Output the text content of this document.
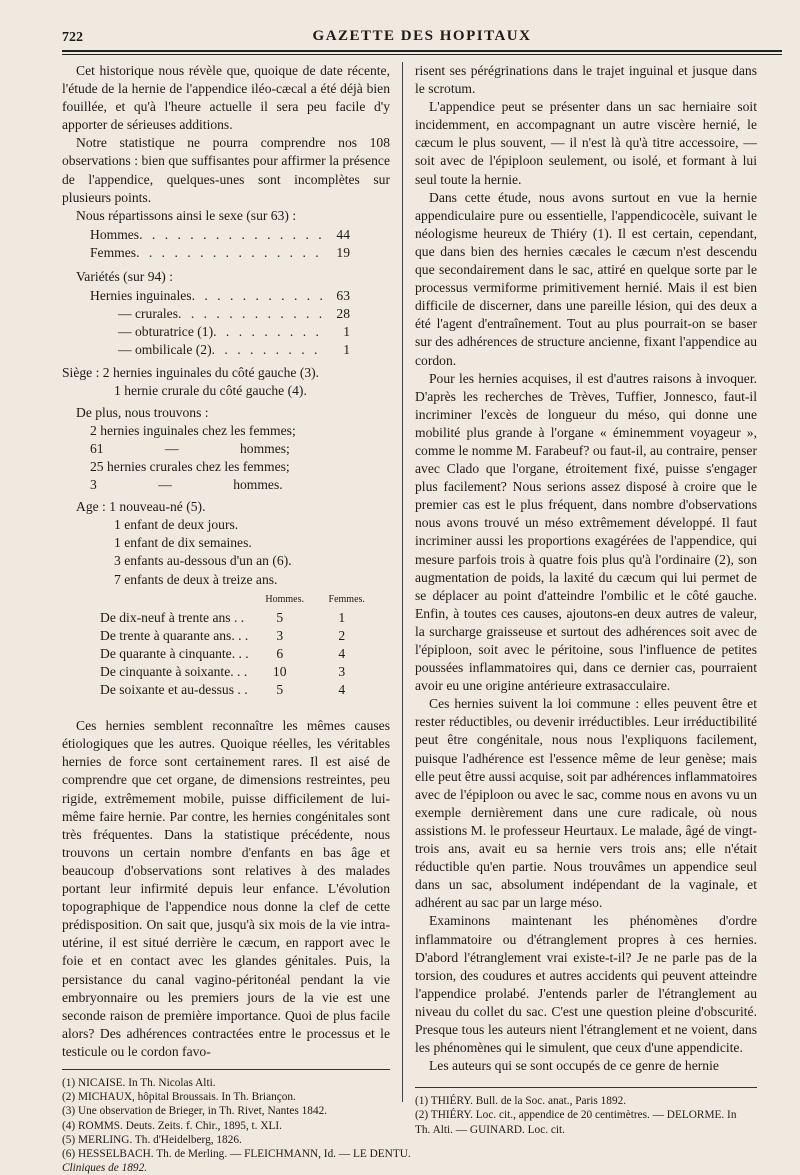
722	GAZETTE DES HOPITAUX

Cet historique nous révèle que, quoique de date récente, l'étude de la hernie de l'appendice iléo-cæcal a été déjà bien fouillée, et qu'à l'heure actuelle il sera peu facile d'y apporter de sérieuses additions.

Notre statistique ne pourra comprendre nos 108 observations : bien que suffisantes pour affirmer la présence de l'appendice, quelques-unes sont incomplètes sur plusieurs points.

Nous répartissons ainsi le sexe (sur 63) :

Hommes . . .	44
Femmes . . .	19

Variétés (sur 94) :

Hernies inguinales . . .	63
— crurales . . .	28
— obturatrice (1) . . .	1
— ombilicale (2) . . .	1

Siège : 2 hernies inguinales du côté gauche (3).

1 hernie crurale du côté gauche (4).

De plus, nous trouvons :

2 hernies inguinales chez les femmes;
61 — hommes;
25 hernies crurales chez les femmes;
3 — hommes.
Age : 1 nouveau-né (5).
1 enfant de deux jours.
1 enfant de dix semaines.
3 enfants au-dessous d'un an (6).
7 enfants de deux à treize ans.
	Hommes.	Femmes.
De dix-neuf à trente ans . .	5	1
De trente à quarante ans. . .	3	2
De quarante à cinquante. . .	6	4
De cinquante à soixante. . .	10	3
De soixante et au-dessus . .	5	4

Ces hernies semblent reconnaître les mêmes causes étiologiques que les autres. Quoique réelles, les véritables hernies de force sont certainement rares. Il est aisé de comprendre que cet organe, de dimensions restreintes, peu rigide, extrêmement mobile, puisse difficilement de lui-même faire hernie. Par contre, les hernies congénitales sont très fréquentes. Dans la statistique précédente, nous trouvons un certain nombre d'enfants en bas âge et beaucoup d'observations sont relatives à des malades portant leur infirmité depuis leur enfance. L'évolution topographique de l'appendice nous donne la clef de cette prédisposition. On sait que, jusqu'à six mois de la vie intra-utérine, il est situé derrière le cæcum, en rapport avec le foie et en contact avec les glandes génitales. Puis, la persistance du canal vagino-péritonéal pendant la vie embryonnaire ou les premiers jours de la vie est une seconde raison de première importance. Quoi de plus facile alors? Des adhérences contractées entre le processus et le testicule ou le cordon favo-

(1) NICAISE. In Th. Nicolas Alti.
(2) MICHAUX, hôpital Broussais. In Th. Briançon.
(3) Une observation de Brieger, in Th. Rivet, Nantes 1842.
(4) ROMMS. Deuts. Zeits. f. Chir., 1895, t. XLI.
(5) MERLING. Th. d'Heidelberg, 1826.
(6) HESSELBACH. Th. de Merling. — FLEICHMANN, Id. — LE DENTU.
Cliniques de 1892.

risent ses pérégrinations dans le trajet inguinal et jusque dans le scrotum.

L'appendice peut se présenter dans un sac herniaire soit incidemment, en accompagnant un autre viscère hernié, le cæcum le plus souvent, — il n'est là qu'à titre accessoire, — soit avec de l'épiploon seulement, ou isolé, et formant à lui seul toute la hernie.

Dans cette étude, nous avons surtout en vue la hernie appendiculaire pure ou essentielle, l'appendicocèle, suivant le néologisme heureux de Thiéry (1). Il est certain, cependant, que dans bien des hernies cæcales le cæcum n'est descendu que secondairement dans le sac, attiré en quelque sorte par le processus vermiforme primitivement hernié. Mais il est bien difficile de discerner, dans une pareille lésion, qui des deux a été l'agent d'entraînement. Tout au plus pourrait-on se baser sur des adhérences de structure ancienne, fixant l'appendice au cordon.

Pour les hernies acquises, il est d'autres raisons à invoquer. D'après les recherches de Trèves, Tuffier, Jonnesco, faut-il incriminer l'excès de longueur du méso, qui donne une mobilité plus grande à l'organe « éminemment voyageur », comme le nomme M. Farabeuf? ou faut-il, au contraire, penser avec Clado que l'organe, étroitement fixé, puisse s'engager plus facilement? Nous serions assez disposé à croire que le premier cas est le plus fréquent, dans nombre d'observations nous avons trouvé un méso extrêmement développé. Il faut incriminer aussi les proportions exagérées de l'appendice, qui mesure parfois trois à quatre fois plus qu'à l'ordinaire (2), son augmentation de poids, la laxité du cæcum qui lui permet de se déplacer au point d'atteindre l'ombilic et le côté gauche. Enfin, à toutes ces causes, ajoutons-en deux autres de valeur, la surcharge graisseuse et surtout des adhérences soit avec de l'épiploon, soit avec le péritoine, sous l'influence de petites poussées inflammatoires qui, dans ce dernier cas, pourraient avoir eu une origine antérieure extrasacculaire.

Ces hernies suivent la loi commune : elles peuvent être et rester réductibles, ou devenir irréductibles. Leur irréductibilité peut être congénitale, nous nous l'expliquons facilement, puisque l'adhérence est l'essence même de leur genèse; mais elle peut être aussi acquise, soit par adhérences inflammatoires avec de l'épiploon ou avec le sac, comme nous en avons vu un exemple dernièrement dans une cure radicale, où nous assistions M. le professeur Heurtaux. Le malade, âgé de vingt-trois ans, avait eu sa hernie vers trois ans; elle n'était réductible qu'en partie. Nous trouvâmes un appendice seul dans un sac, absolument indépendant de la vaginale, et adhérent au sac par un large méso.

Examinons maintenant les phénomènes d'ordre inflammatoire ou d'étranglement propres à ces hernies. D'abord l'étranglement vrai existe-t-il? Je ne parle pas de la torsion, des coudures et autres accidents qui peuvent atteindre l'appendice prolabé. J'entends parler de l'étranglement au niveau du collet du sac. C'est une question pleine d'obscurité. Presque tous les auteurs nient l'étranglement et ne voient, dans les phénomènes qui le simulent, que ceux d'une appendicite.

Les auteurs qui se sont occupés de ce genre de hernie

(1) THIÉRY. Bull. de la Soc. anat., Paris 1892.
(2) THIÉRY. Loc. cit., appendice de 20 centimètres. — DELORME. In
Th. Alti. — GUINARD. Loc. cit.
